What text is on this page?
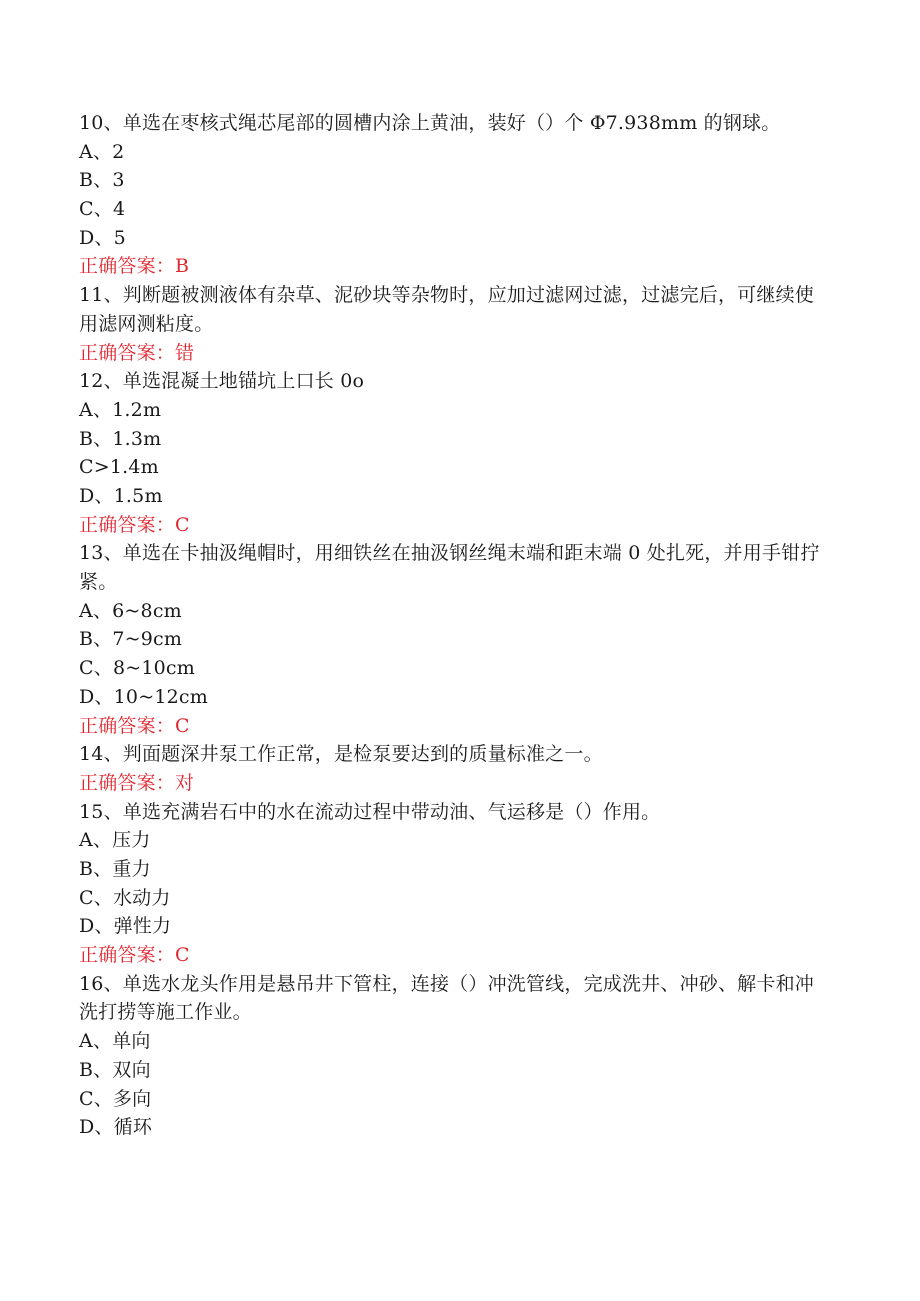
10、单选在枣核式绳芯尾部的圆槽内涂上黄油，装好（）个 Φ7.938mm 的钢球。
A、2
B、3
C、4
D、5
正确答案：B
11、判断题被测液体有杂草、泥砂块等杂物时，应加过滤网过滤，过滤完后，可继续使用滤网测粘度。
正确答案：错
12、单选混凝土地锚坑上口长 0o
A、1.2m
B、1.3m
C>1.4m
D、1.5m
正确答案：C
13、单选在卡抽汲绳帽时，用细铁丝在抽汲钢丝绳末端和距末端 0 处扎死，并用手钳拧紧。
A、6~8cm
B、7~9cm
C、8~10cm
D、10~12cm
正确答案：C
14、判面题深井泵工作正常，是检泵要达到的质量标准之一。
正确答案：对
15、单选充满岩石中的水在流动过程中带动油、气运移是（）作用。
A、压力
B、重力
C、水动力
D、弹性力
正确答案：C
16、单选水龙头作用是悬吊井下管柱，连接（）冲洗管线，完成洗井、冲砂、解卡和冲洗打捞等施工作业。
A、单向
B、双向
C、多向
D、循环
